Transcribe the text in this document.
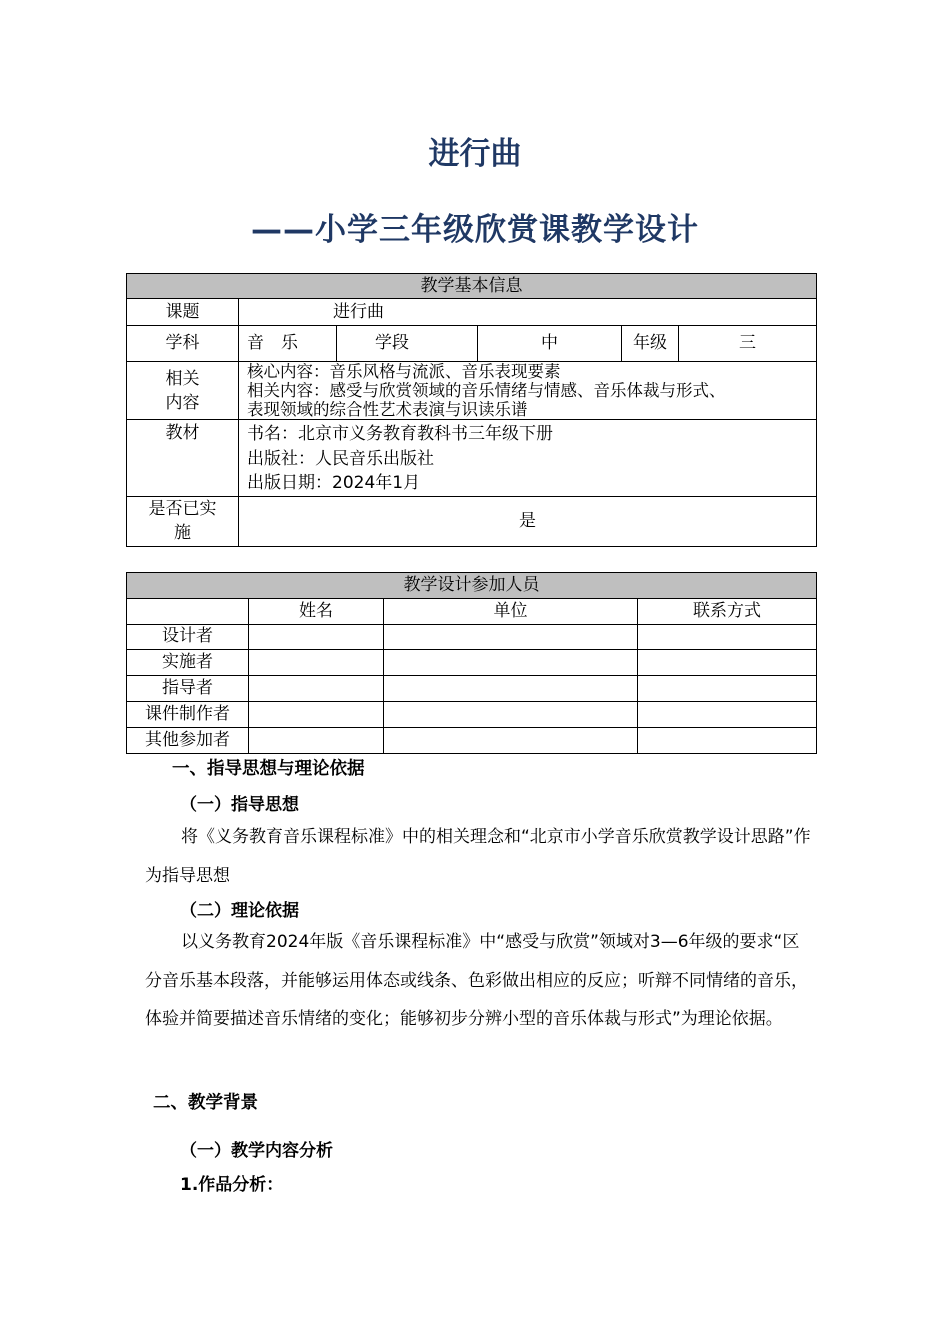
进行曲
——小学三年级欣赏课教学设计
教学基本信息					
课题	进行曲				
学科	音　乐	学段	中	年级	三

相关
内容	核心内容：音乐风格与流派、音乐表现要素
相关内容：感受与欣赏领域的音乐情绪与情感、音乐体裁与形式、
表现领域的综合性艺术表演与识读乐谱				

教材	书名：北京市义务教育教科书三年级下册
出版社：人民音乐出版社
出版日期：2024年1月				

是否已实
施	是				
教学设计参加人员			
	姓名	单位	联系方式
设计者			
实施者			
指导者			
课件制作者			
其他参加者			
一、指导思想与理论依据
（一）指导思想

将《义务教育音乐课程标准》中的相关理念和“北京市小学音乐欣赏教学设计思路”作为指导思想

（二）理论依据

以义务教育2024年版《音乐课程标准》中“感受与欣赏”领域对3—6年级的要求“区分音乐基本段落，并能够运用体态或线条、色彩做出相应的反应；听辩不同情绪的音乐，体验并简要描述音乐情绪的变化；能够初步分辨小型的音乐体裁与形式”为理论依据。

二、教学背景
（一）教学内容分析
1.作品分析：
